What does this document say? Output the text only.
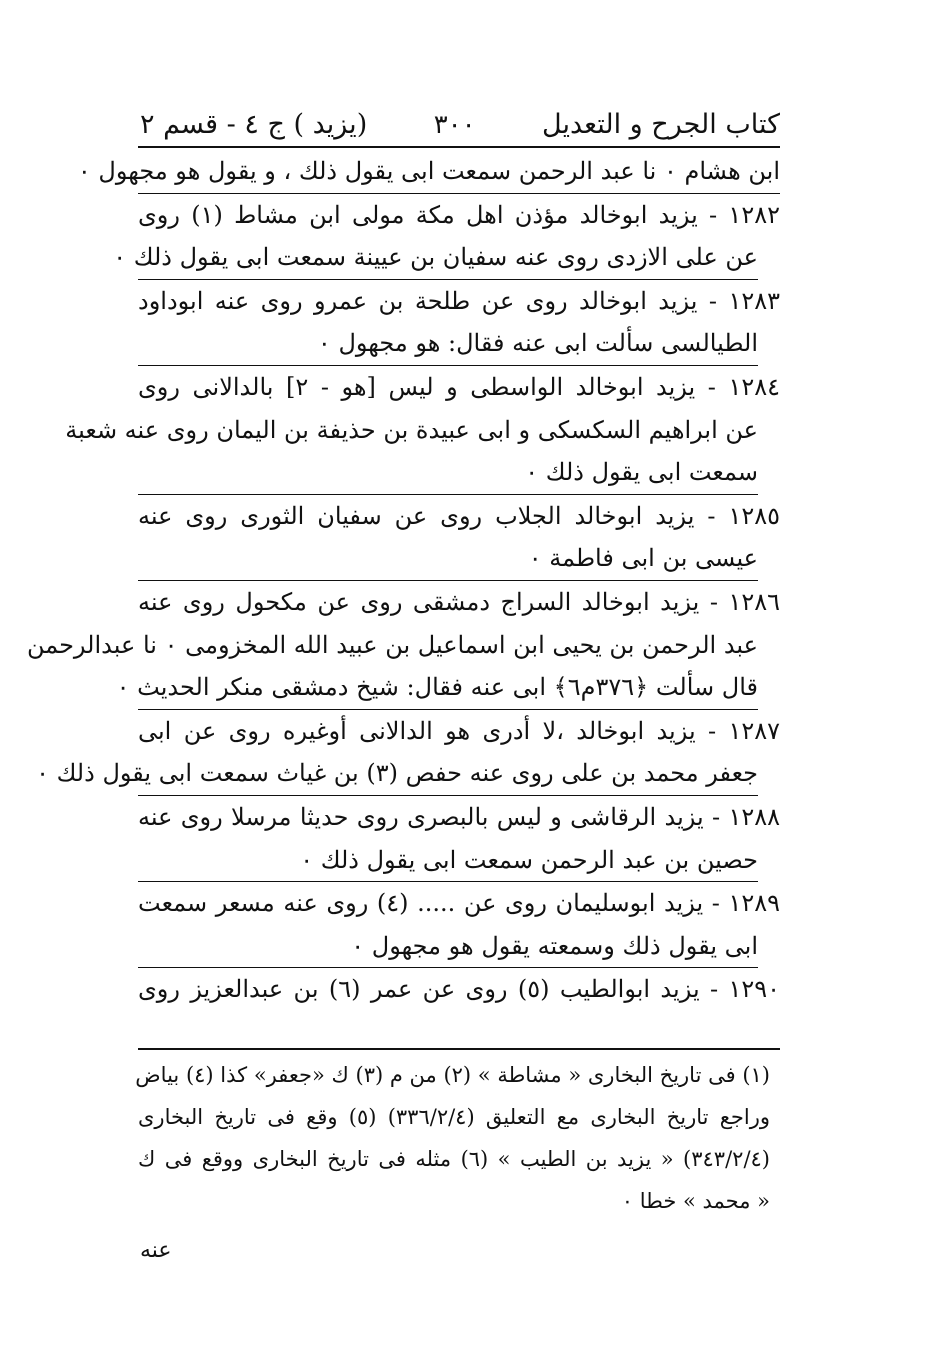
كتاب الجرح و التعديل
٣٠٠
(يزيد ) ج ٤ - قسم ٢
ابن هشام ٠ نا عبد الرحمن سمعت ابى يقول ذلك ، و يقول هو مجهول ٠
١٢٨٢ - يزيد ابوخالد مؤذن اهل مكة مولى ابن مشاط (١) روى
عن على الازدى روى عنه سفيان بن عيينة سمعت ابى يقول ذلك ٠
١٢٨٣ - يزيد ابوخالد روى عن طلحة بن عمرو روى عنه ابوداود
الطيالسى سألت ابى عنه فقال: هو مجهول ٠
١٢٨٤ - يزيد ابوخالد الواسطى و ليس [هو - ٢] بالدالانى روى
عن ابراهيم السكسكى و ابى عبيدة بن حذيفة بن اليمان روى عنه شعبة
سمعت ابى يقول ذلك ٠
١٢٨٥ - يزيد ابوخالد الجلاب روى عن سفيان الثورى روى عنه
عيسى بن ابى فاطمة ٠
١٢٨٦ - يزيد ابوخالد السراج دمشقى روى عن مكحول روى عنه
عبد الرحمن بن يحيى ابن اسماعيل بن عبيد الله المخزومى ٠ نا عبدالرحمن
قال سألت ﴿٣٧٦م٦﴾ ابى عنه فقال: شيخ دمشقى منكر الحديث ٠
١٢٨٧ - يزيد ابوخالد ،لا أدرى هو الدالانى أوغيره روى عن ابى
جعفر محمد بن على روى عنه حفص (٣) بن غياث سمعت ابى يقول ذلك ٠
١٢٨٨ - يزيد الرقاشى و ليس بالبصرى روى حديثا مرسلا روى عنه
حصين بن عبد الرحمن سمعت ابى يقول ذلك ٠
١٢٨٩ - يزيد ابوسليمان روى عن ..... (٤) روى عنه مسعر سمعت
ابى يقول ذلك وسمعته يقول هو مجهول ٠
١٢٩٠ - يزيد ابوالطيب (٥) روى عن عمر (٦) بن عبدالعزيز روى
(١) فى تاريخ البخارى « مشاطة » (٢) من م (٣) ك «جعفر» كذا (٤) بياض
وراجع تاريخ البخارى مع التعليق (٣٣٦/٢/٤) (٥) وقع فى تاريخ البخارى
(٣٤٣/٢/٤) « يزيد بن الطيب » (٦) مثله فى تاريخ البخارى ووقع فى ك
« محمد » خطا ٠
عنه
